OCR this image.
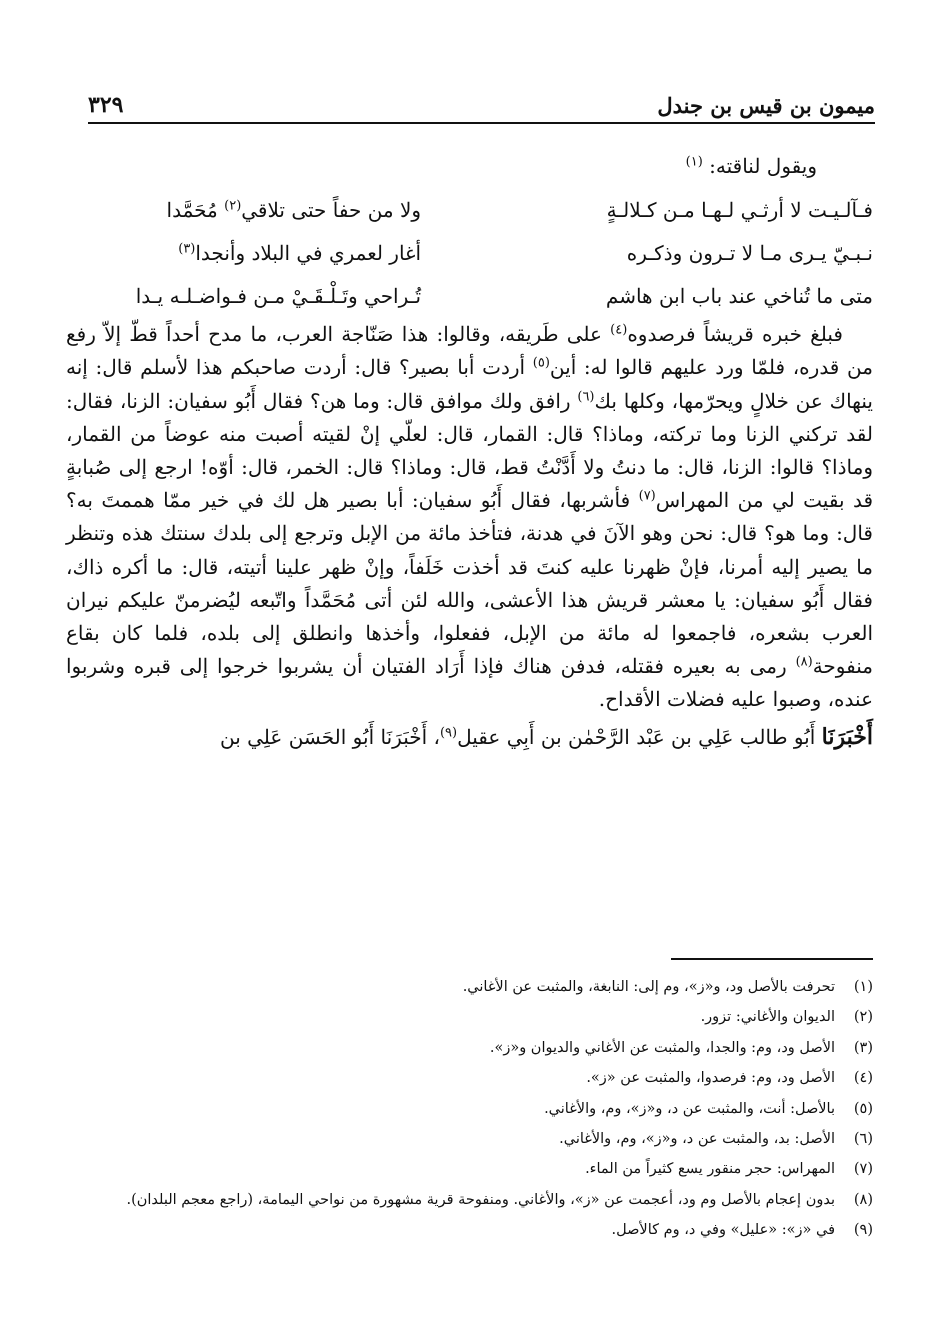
ميمون بن قيس بن جندل
٣٢٩
ويقول لناقته: $^{(١)}$
فـآلـيـت لا أرثـي لـهـا مـن كـلالـةٍ
ولا من حفاً حتى تلاقي$^{(٢)}$ مُحَمَّدا
نـبـيّ يـرى مـا لا تـرون وذكـره
أغار لعمري في البلاد وأنجدا$^{(٣)}$
متى ما تُناخي عند باب ابن هاشم
تُـراحي وتَـلْـقَـيْ مـن فـواضـلـه يـدا

فبلغ خبره قريشاً فرصدوه$^{(٤)}$ على طَريقه، وقالوا: هذا صَنّاجة العرب، ما مدح أحداً قطّ إلاّ رفع من قدره، فلمّا ورد عليهم قالوا له: أين$^{(٥)}$ أردت أبا بصير؟ قال: أردت صاحبكم هذا لأسلم قال: إنه ينهاك عن خلالٍ ويحرّمها، وكلها بك$^{(٦)}$ رافق ولك موافق قال: وما هن؟ فقال أَبُو سفيان: الزنا، فقال: لقد تركني الزنا وما تركته، وماذا؟ قال: القمار، قال: لعلّي إنْ لقيته أصبت منه عوضاً من القمار، وماذا؟ قالوا: الزنا، قال: ما دنتُ ولا أَدَّنْتُ قط، قال: وماذا؟ قال: الخمر، قال: أوّه! ارجع إلى صُبابةٍ قد بقيت لي من المهراس$^{(٧)}$ فأشربها، فقال أَبُو سفيان: أبا بصير هل لك في خير ممّا هممتَ به؟ قال: وما هو؟ قال: نحن وهو الآنَ في هدنة، فتأخذ مائة من الإبل وترجع إلى بلدك سنتك هذه وتنظر ما يصير إليه أمرنا، فإنْ ظهرنا عليه كنتَ قد أخذت خَلَفاً، وإنْ ظهر علينا أتيته، قال: ما أكره ذاك، فقال أَبُو سفيان: يا معشر قريش هذا الأعشى، والله لئن أتى مُحَمَّداً واتّبعه ليُضرمنّ عليكم نيران العرب بشعره، فاجمعوا له مائة من الإبل، ففعلوا، وأخذها وانطلق إلى بلده، فلما كان بقاع منفوحة$^{(٨)}$ رمى به بعيره فقتله، فدفن هناك فإذا أَرَاد الفتيان أن يشربوا خرجوا إلى قبره وشربوا عنده، وصبوا عليه فضلات الأقداح.

أَخْبَرَنَا أَبُو طالب عَلِي بن عَبْد الرَّحْمٰن بن أَبِي عقيل$^{(٩)}$، أَخْبَرَنَا أَبُو الحَسَن عَلِي بن

(١)
تحرفت بالأصل ود، و«ز»، وم إلى: النابغة، والمثبت عن الأغاني.
(٢)
الديوان والأغاني: تزور.
(٣)
الأصل ود، وم: والجدا، والمثبت عن الأغاني والديوان و«ز».
(٤)
الأصل ود، وم: فرصدوا، والمثبت عن «ز».
(٥)
بالأصل: أنت، والمثبت عن د، و«ز»، وم، والأغاني.
(٦)
الأصل: بد، والمثبت عن د، و«ز»، وم، والأغاني.
(٧)
المهراس: حجر منقور يسع كثيراً من الماء.
(٨)
بدون إعجام بالأصل وم ود، أعجمت عن «ز»، والأغاني. ومنفوحة قرية مشهورة من نواحي اليمامة، (راجع معجم البلدان).
(٩)
في «ز»: «عليل» وفي د، وم كالأصل.
